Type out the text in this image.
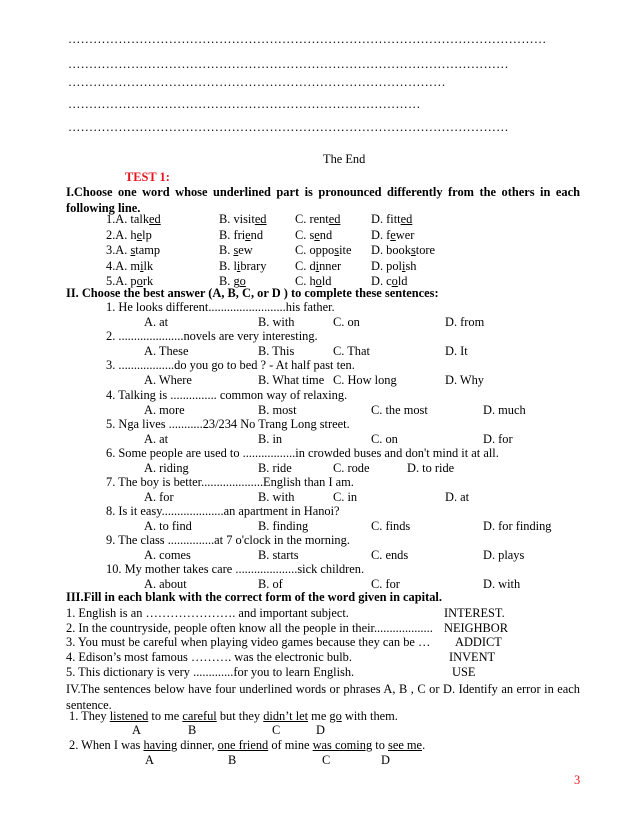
……………………………………………………………………………………………………
……………………………………………………………………………………………
………………………………………………………………………………
…………………………………………………………………………
……………………………………………………………………………………………
The End
TEST 1:
I.Choose one word whose underlined part is pronounced differently from the others in each following line.
1.A. talked	B. visited C. rented D. fitted
2.A. help	B. friend	C. send	D. fewer
3.A. stamp	B. sew	C. opposite D. bookstore
4.A. milk	B. library C. dinner D. polish
5.A. pork	B. go	C. hold	D. cold
II. Choose the best answer (A, B, C, or D ) to complete these sentences:
1. He looks different.........................his father.
A. at	B. with	C. on	D. from
2. .....................novels are very interesting.
A. These	B. This	C. That	D. It
3. ..................do you go to bed ? - At half past ten.
A. Where	B. What time C. How long	D. Why
4. Talking is ............... common way of relaxing.
A. more	B. most	C. the most	D. much
5. Nga lives ...........23/234 No Trang Long street.
A. at	B. in	C. on	D. for
6. Some people are used to .................in crowded buses and don't mind it at all.
A. riding	B. ride	C. rode	D. to ride
7. The boy is better....................English than I am.
A. for	B. with	C. in	D. at
8. Is it easy....................an apartment in Hanoi?
A. to find	B. finding	C. finds	D. for finding
9. The class ...............at 7 o'clock in the morning.
A. comes	B. starts	C. ends	D. plays
10. My mother takes care ....................sick children.
A. about	B. of	C. for	D. with
III.Fill in each blank with the correct form of the word given in capital.
1. English is an …………………. and important subject.	INTEREST.
2. In the countryside, people often know all the people in their................... NEIGHBOR
3. You must be careful when playing video games because they can be … ADDICT
4. Edison’s most famous ………. was the electronic bulb.	INVENT
5. This dictionary is very .............for you to learn English.	USE
IV.The sentences below have four underlined words or phrases A, B , C or D. Identify an error in each sentence.
1. They listened to me careful but they didn’t let me go with them.
A	B	C	D
2. When I was having dinner, one friend of mine was coming to see me.
A	B	C	D
3
